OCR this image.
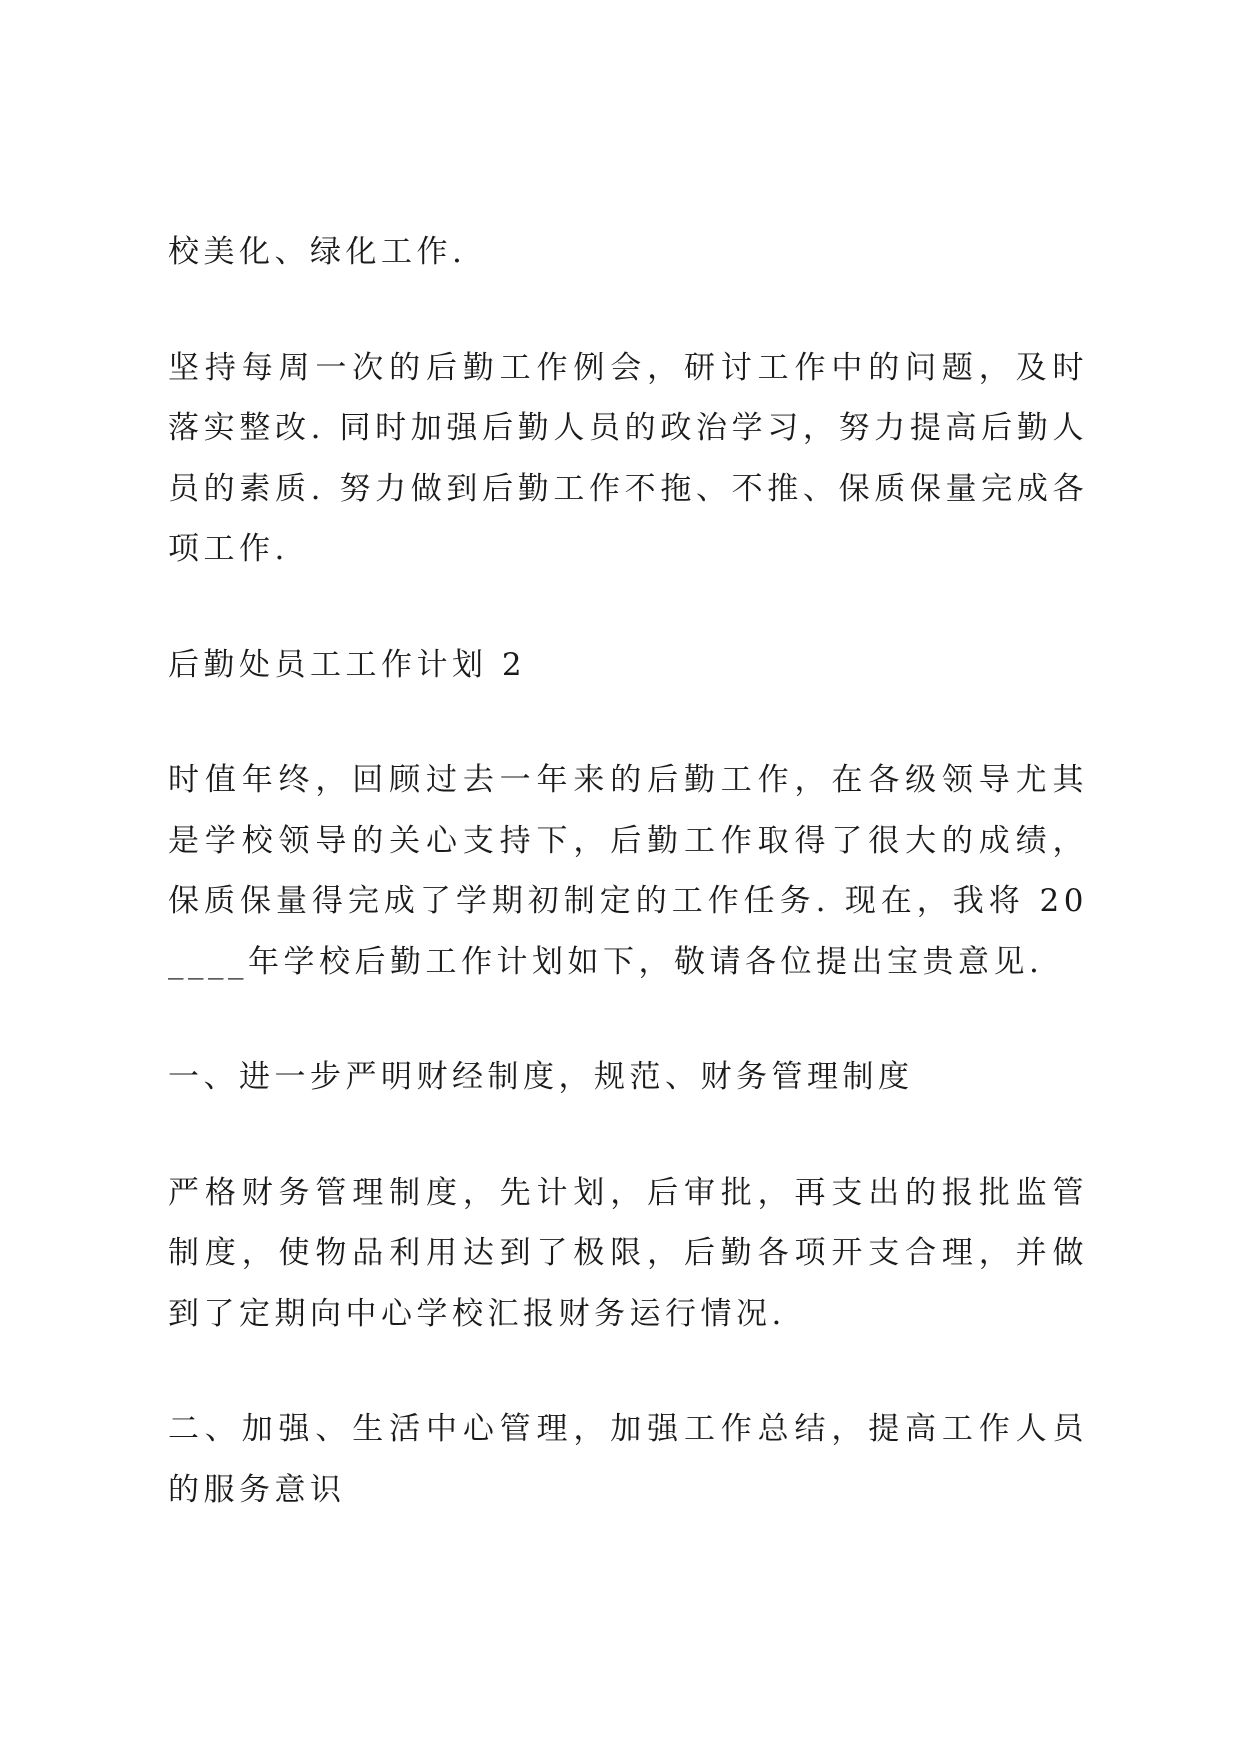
校美化、绿化工作.

坚持每周一次的后勤工作例会，研讨工作中的问题，及时落实整改. 同时加强后勤人员的政治学习，努力提高后勤人员的素质. 努力做到后勤工作不拖、不推、保质保量完成各项工作.

后勤处员工工作计划 2

时值年终，回顾过去一年来的后勤工作，在各级领导尤其是学校领导的关心支持下，后勤工作取得了很大的成绩，保质保量得完成了学期初制定的工作任务. 现在，我将 20____年学校后勤工作计划如下，敬请各位提出宝贵意见.

一、进一步严明财经制度，规范、财务管理制度

严格财务管理制度，先计划，后审批，再支出的报批监管制度，使物品利用达到了极限，后勤各项开支合理，并做到了定期向中心学校汇报财务运行情况.

二、加强、生活中心管理，加强工作总结，提高工作人员的服务意识
